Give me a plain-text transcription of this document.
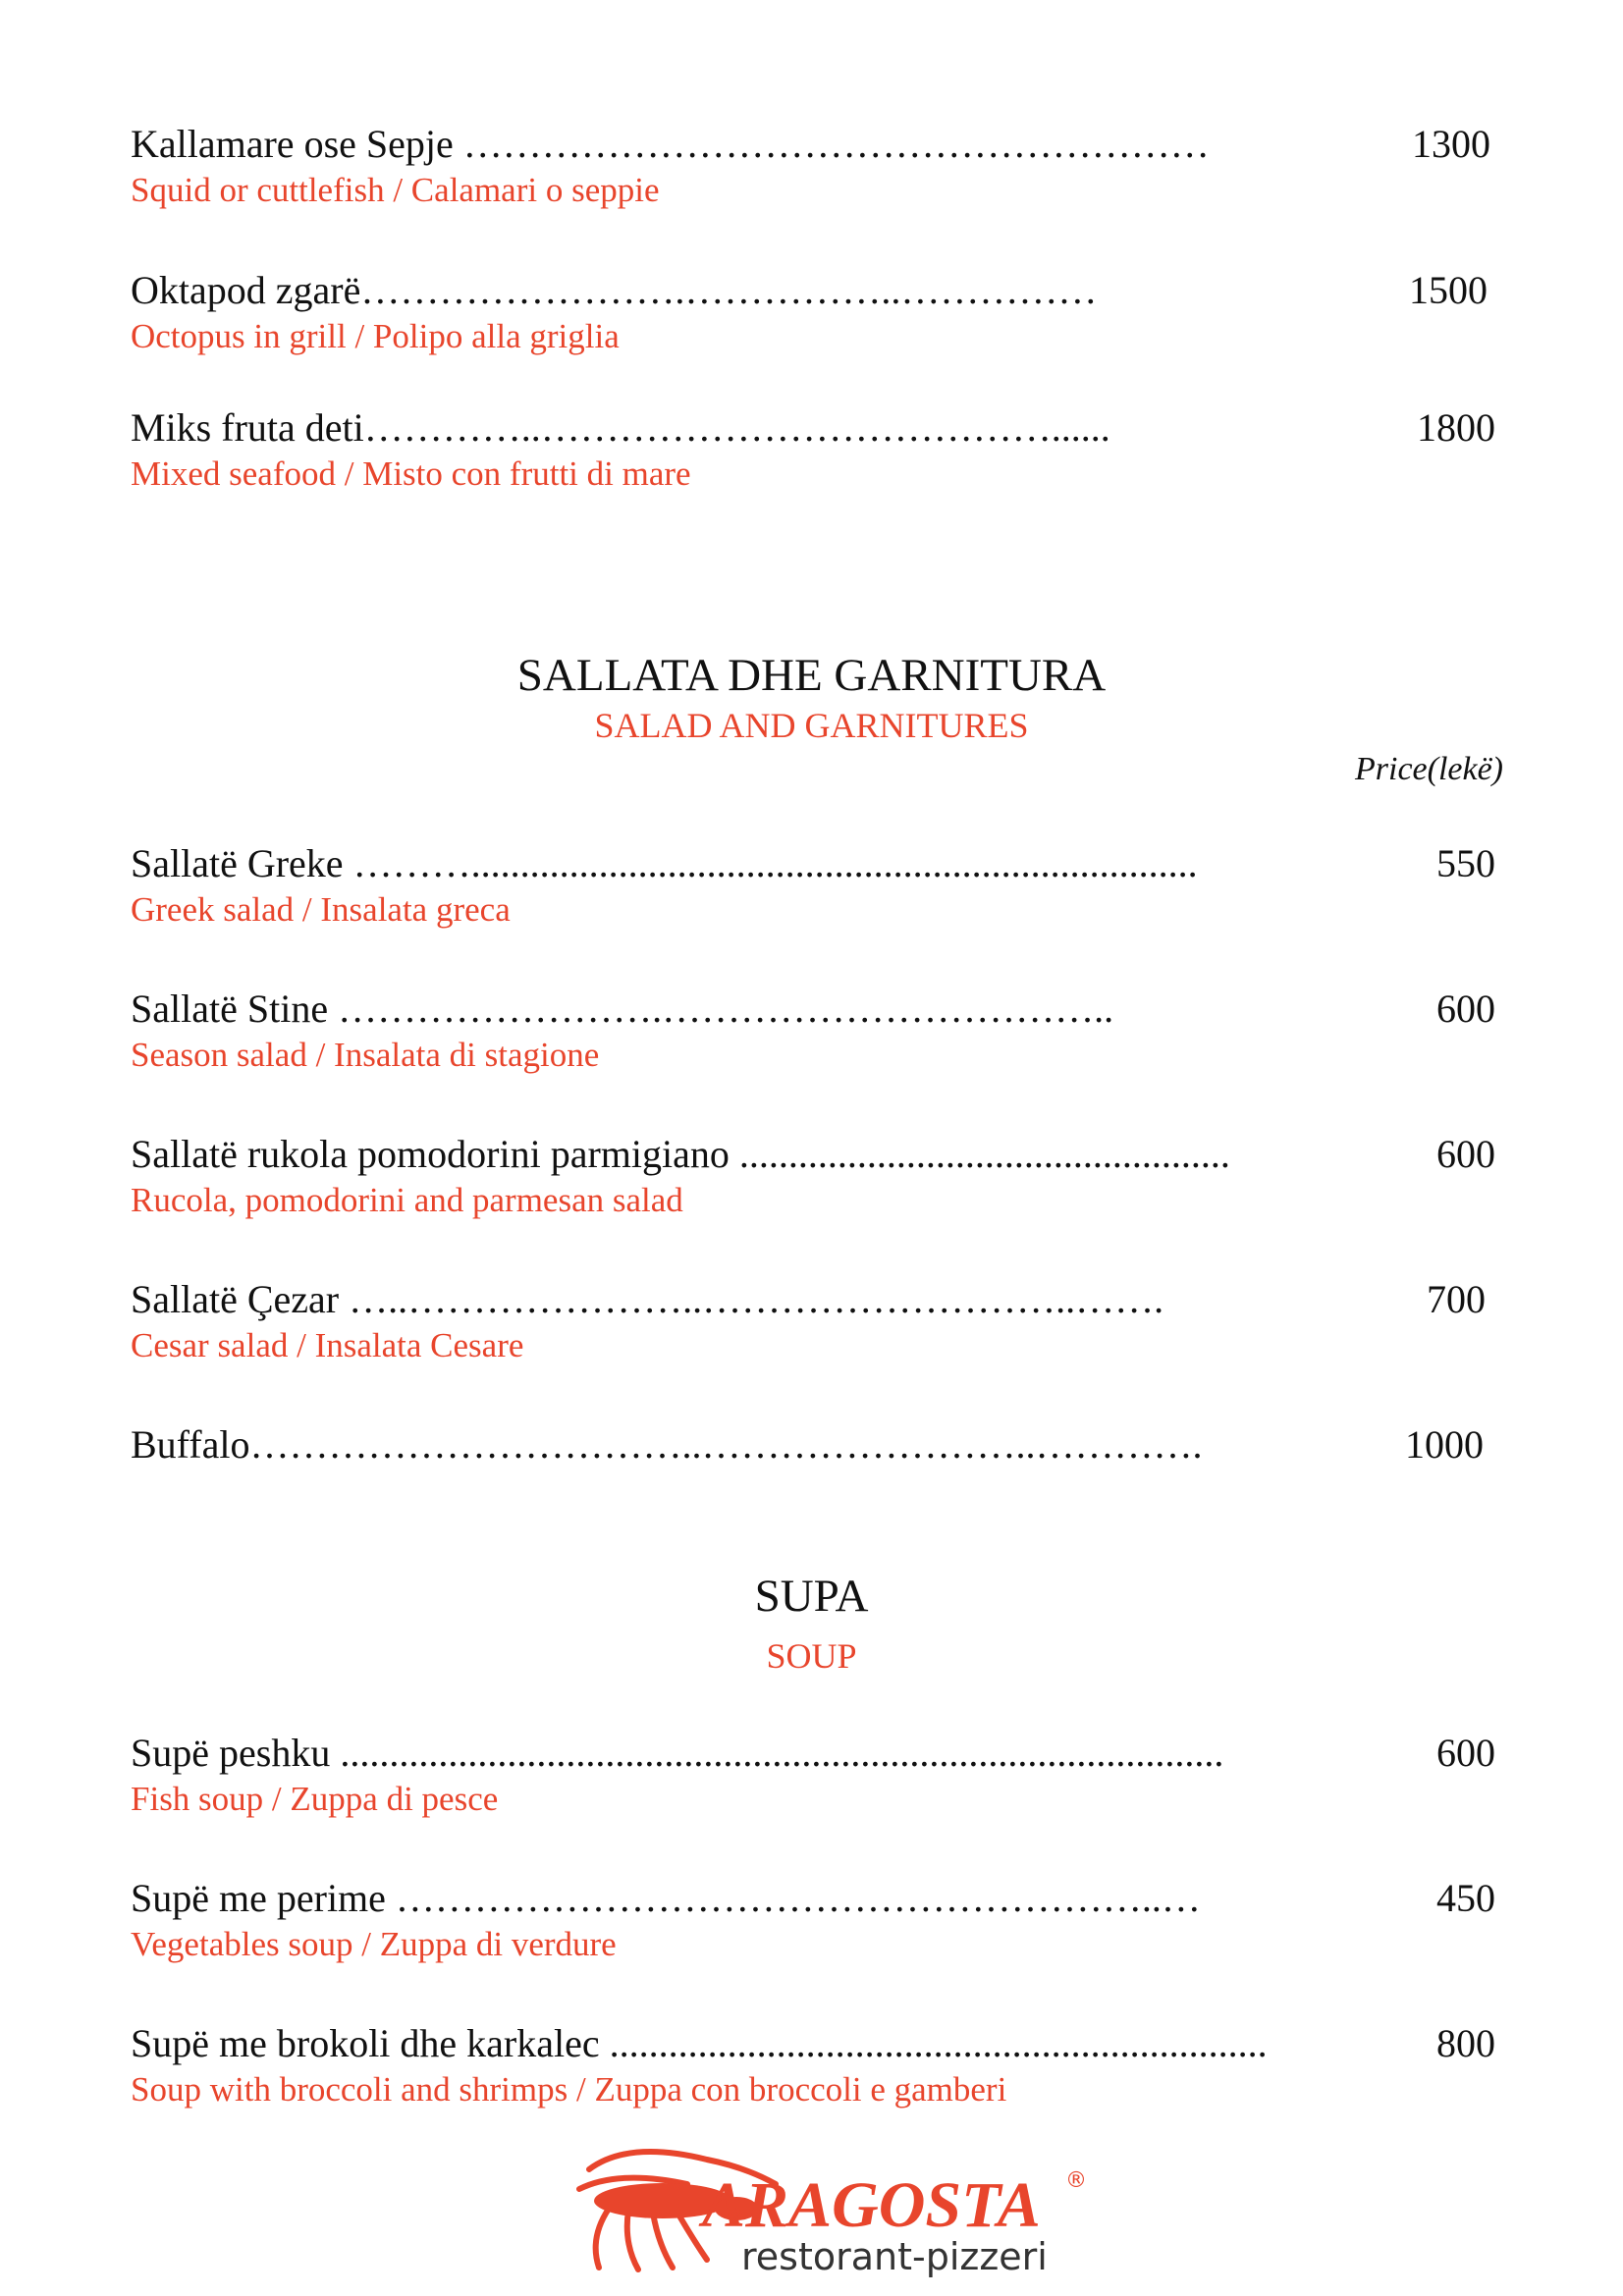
Kallamare ose Sepje …………………………………………………	1300
Squid or cuttlefish / Calamari o seppie
Oktapod zgarë…………………….……………..……………	1500
Octopus in grill / Polipo alla griglia
Miks fruta deti…………..…………………………………......	1800
Mixed seafood / Misto con frutti di mare
SALLATA DHE GARNITURA
SALAD AND GARNITURES
Price(lekë)
Sallatë Greke ………..........................................................................	550
Greek salad / Insalata greca
Sallatë Stine …………………….……………………………..	600
Season salad / Insalata di stagione
Sallatë rukola pomodorini parmigiano ..................................................	600
Rucola, pomodorini and parmesan salad
Sallatë Çezar …..…………………..………………………..…….	700
Cesar salad / Insalata Cesare
Buffalo……………………………..……………………..………….	1000
SUPA
SOUP
Supë peshku ..........................................................................................	600
Fish soup / Zuppa di pesce
Supë me perime …………………………………………………..…	450
Vegetables soup / Zuppa di verdure
Supë me brokoli dhe karkalec ...................................................................	800
Soup with broccoli and shrimps / Zuppa con broccoli e gamberi
ARAGOSTA ®
restorant-pizzeri
